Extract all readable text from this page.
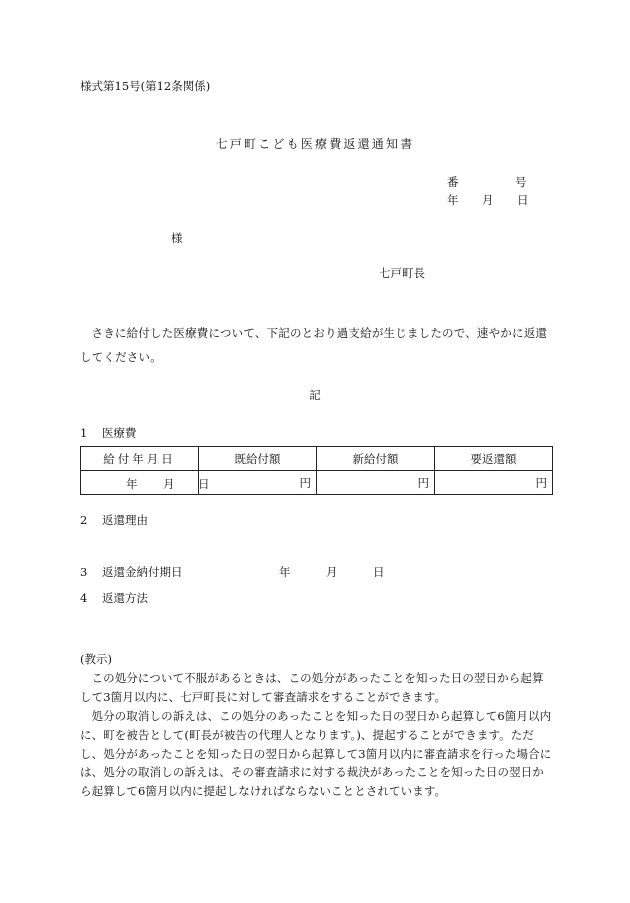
様式第15号(第12条関係)
七戸町こども医療費返還通知書
番	号
年 月 日
様
七戸町長
さきに給付した医療費について、下記のとおり過支給が生じましたので、速やかに返還してください。
記
1 医療費
給付年月日	既給付額	新給付額	要返還額

年 月 日	円	円	円
2 返還理由
3 返還金納付期日	年	月	日
4 返還方法
(教示)
この処分について不服があるときは、この処分があったことを知った日の翌日から起算して3箇月以内に、七戸町長に対して審査請求をすることができます。
処分の取消しの訴えは、この処分のあったことを知った日の翌日から起算して6箇月以内に、町を被告として(町長が被告の代理人となります。)、提起することができます。ただし、処分があったことを知った日の翌日から起算して3箇月以内に審査請求を行った場合には、処分の取消しの訴えは、その審査請求に対する裁決があったことを知った日の翌日から起算して6箇月以内に提起しなければならないこととされています。
